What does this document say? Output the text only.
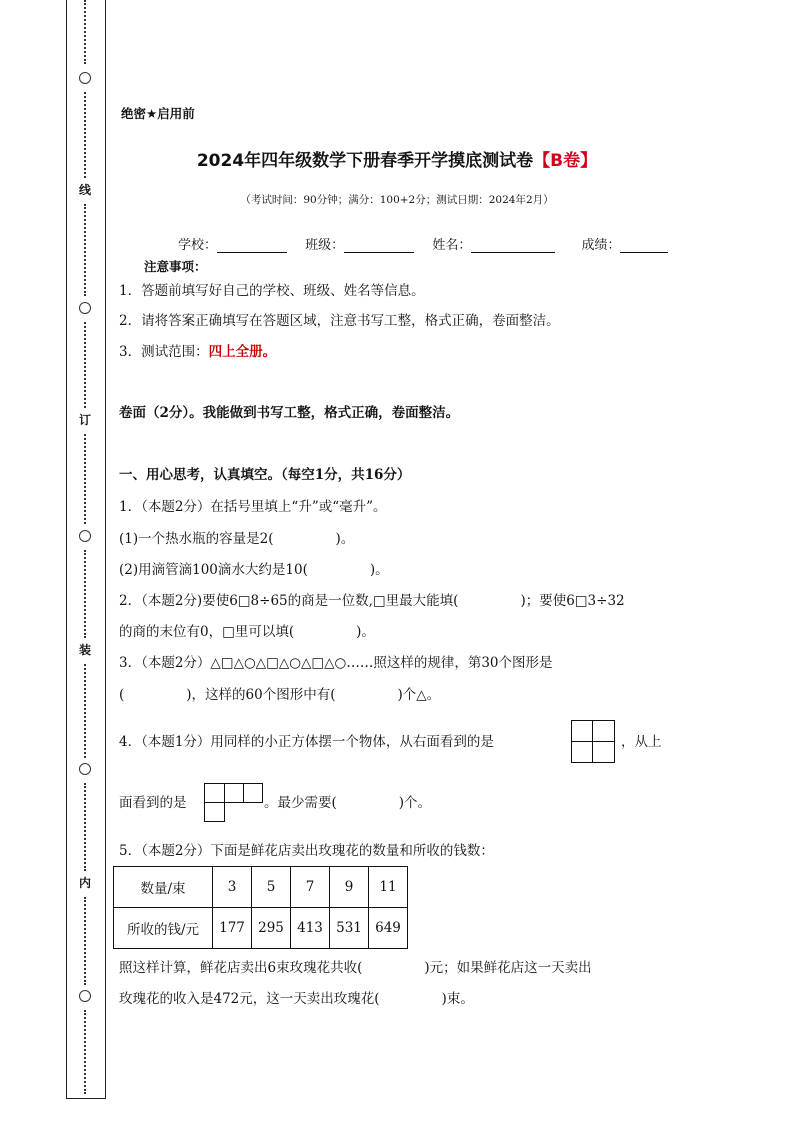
线
订
装
内
绝密★启用前
2024年四年级数学下册春季开学摸底测试卷【B卷】
（考试时间：90分钟；满分：100+2分；测试日期：2024年2月）
学校：	班级：	姓名：	成绩：
注意事项：
1．答题前填写好自己的学校、班级、姓名等信息。
2．请将答案正确填写在答题区域，注意书写工整，格式正确，卷面整洁。
3．测试范围：四上全册。
卷面（2分）。我能做到书写工整，格式正确，卷面整洁。
一、用心思考，认真填空。（每空1分，共16分）
1．（本题2分）在括号里填上“升”或“毫升”。
(1)一个热水瓶的容量是2(	)。
(2)用滴管滴100滴水大约是10(	)。
2．（本题2分)要使6□8÷65的商是一位数,□里最大能填(	)；要使6□3÷32
的商的末位有0，□里可以填(	)。
3．（本题2分）△□△○△□△○△□△○……照这样的规律，第30个图形是
(	)，这样的60个图形中有(	)个△。
4．（本题1分）用同样的小正方体摆一个物体，从右面看到的是	，从上
面看到的是	。最少需要(	)个。
5．（本题2分）下面是鲜花店卖出玫瑰花的数量和所收的钱数：
数量/束	3	5	7	9	11
所收的钱/元	177	295	413	531	649
照这样计算，鲜花店卖出6束玫瑰花共收(	)元；如果鲜花店这一天卖出
玫瑰花的收入是472元，这一天卖出玫瑰花(	)束。
